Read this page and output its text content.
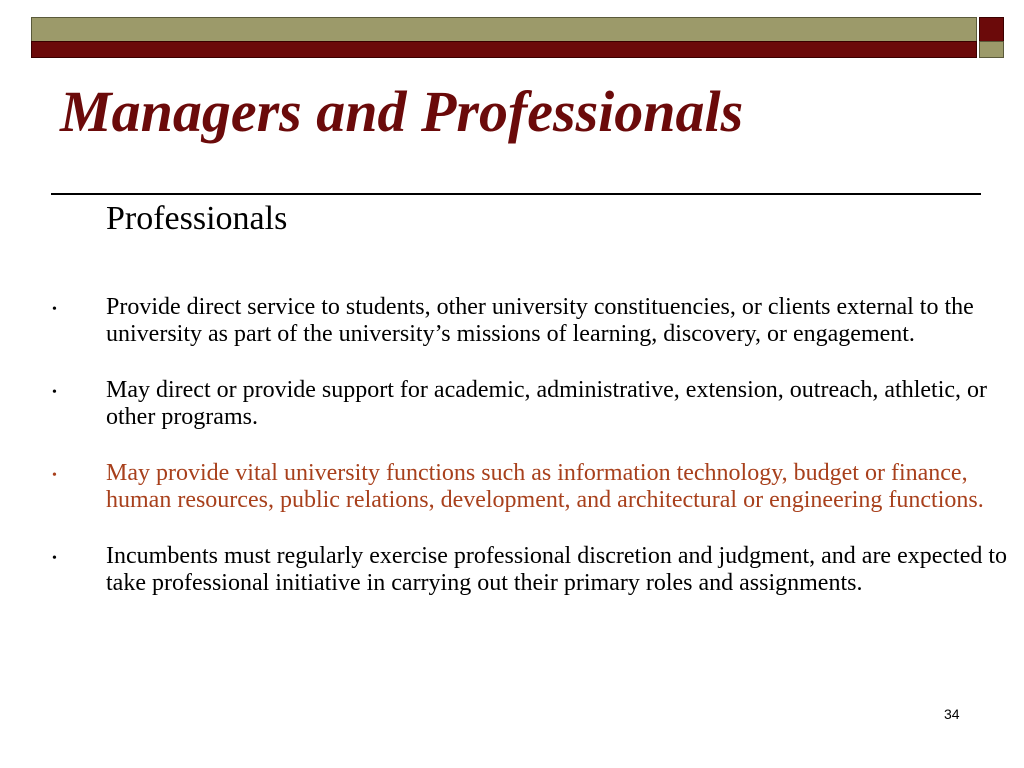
Managers and Professionals
Professionals
• Provide direct service to students, other university constituencies, or clients external to the university as part of the university’s missions of learning, discovery, or engagement.
• May direct or provide support for academic, administrative, extension, outreach, athletic, or other programs.
• May provide vital university functions such as information technology, budget or finance, human resources, public relations, development, and architectural or engineering functions.
• Incumbents must regularly exercise professional discretion and judgment, and are expected to take professional initiative in carrying out their primary roles and assignments.
34
